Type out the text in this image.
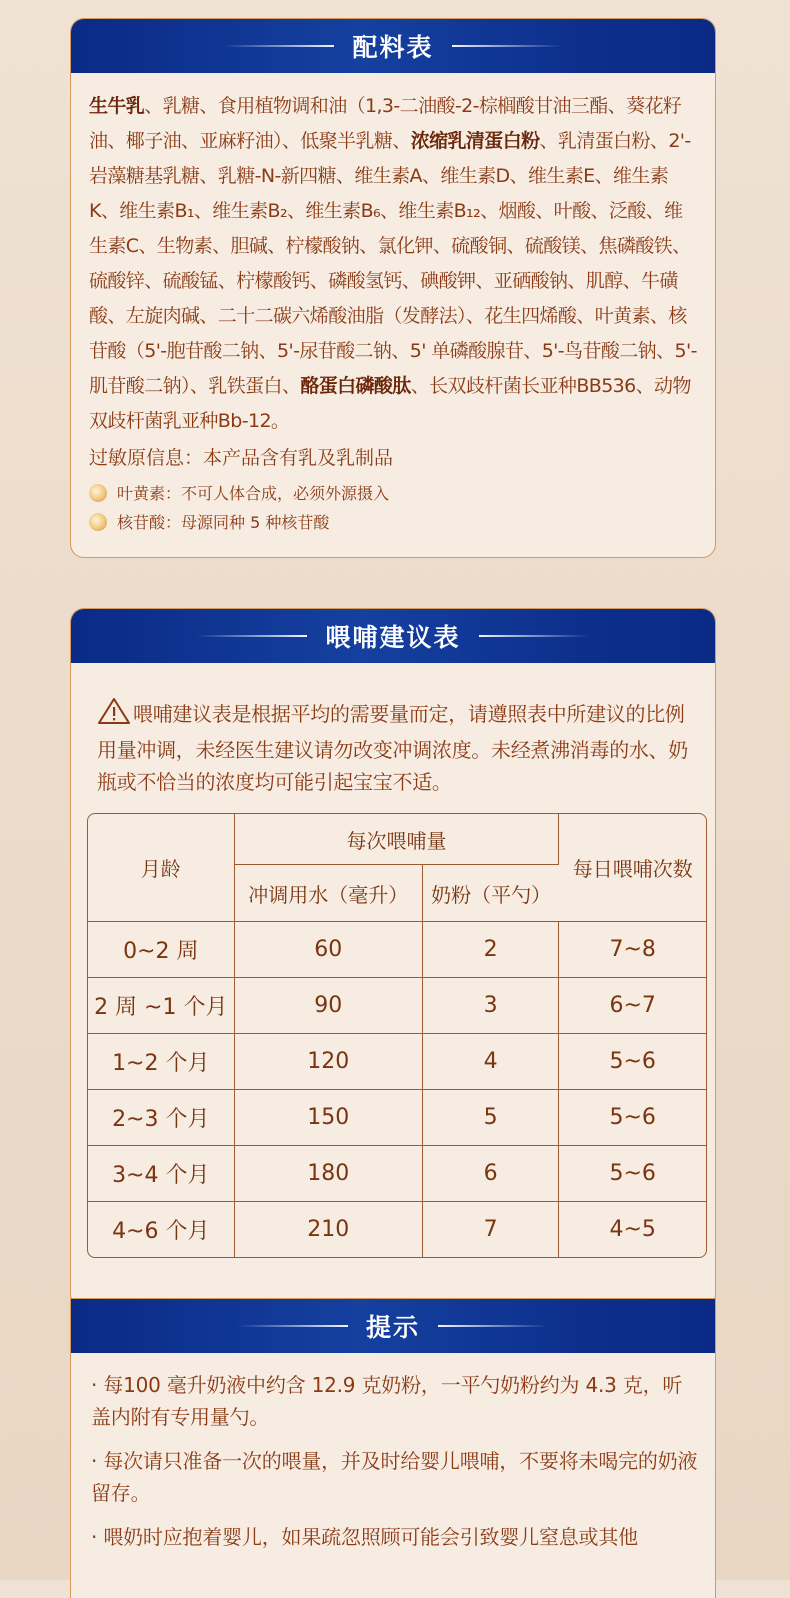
配料表
生牛乳、乳糖、食用植物调和油（1,3-二油酸-2-棕榈酸甘油三酯、葵花籽油、椰子油、亚麻籽油）、低聚半乳糖、浓缩乳清蛋白粉、乳清蛋白粉、2'-岩藻糖基乳糖、乳糖-N-新四糖、维生素A、维生素D、维生素E、维生素K、维生素B₁、维生素B₂、维生素B₆、维生素B₁₂、烟酸、叶酸、泛酸、维生素C、生物素、胆碱、柠檬酸钠、氯化钾、硫酸铜、硫酸镁、焦磷酸铁、硫酸锌、硫酸锰、柠檬酸钙、磷酸氢钙、碘酸钾、亚硒酸钠、肌醇、牛磺酸、左旋肉碱、二十二碳六烯酸油脂（发酵法）、花生四烯酸、叶黄素、核苷酸（5'-胞苷酸二钠、5'-尿苷酸二钠、5' 单磷酸腺苷、5'-鸟苷酸二钠、5'-肌苷酸二钠）、乳铁蛋白、酪蛋白磷酸肽、长双歧杆菌长亚种BB536、动物双歧杆菌乳亚种Bb-12。
过敏原信息：本产品含有乳及乳制品
叶黄素：不可人体合成，必须外源摄入
核苷酸：母源同种 5 种核苷酸
喂哺建议表
喂哺建议表是根据平均的需要量而定，请遵照表中所建议的比例用量冲调，未经医生建议请勿改变冲调浓度。未经煮沸消毒的水、奶瓶或不恰当的浓度均可能引起宝宝不适。
月龄	每次喂哺量		每日喂哺次数
	冲调用水（毫升）	奶粉（平勺）	
0~2 周	60	2	7~8
2 周 ~1 个月	90	3	6~7
1~2 个月	120	4	5~6
2~3 个月	150	5	5~6
3~4 个月	180	6	5~6
4~6 个月	210	7	4~5
提示
· 每100 毫升奶液中约含 12.9 克奶粉，一平勺奶粉约为 4.3 克，听盖内附有专用量勺。
· 每次请只准备一次的喂量，并及时给婴儿喂哺，不要将未喝完的奶液留存。
· 喂奶时应抱着婴儿，如果疏忽照顾可能会引致婴儿窒息或其他
